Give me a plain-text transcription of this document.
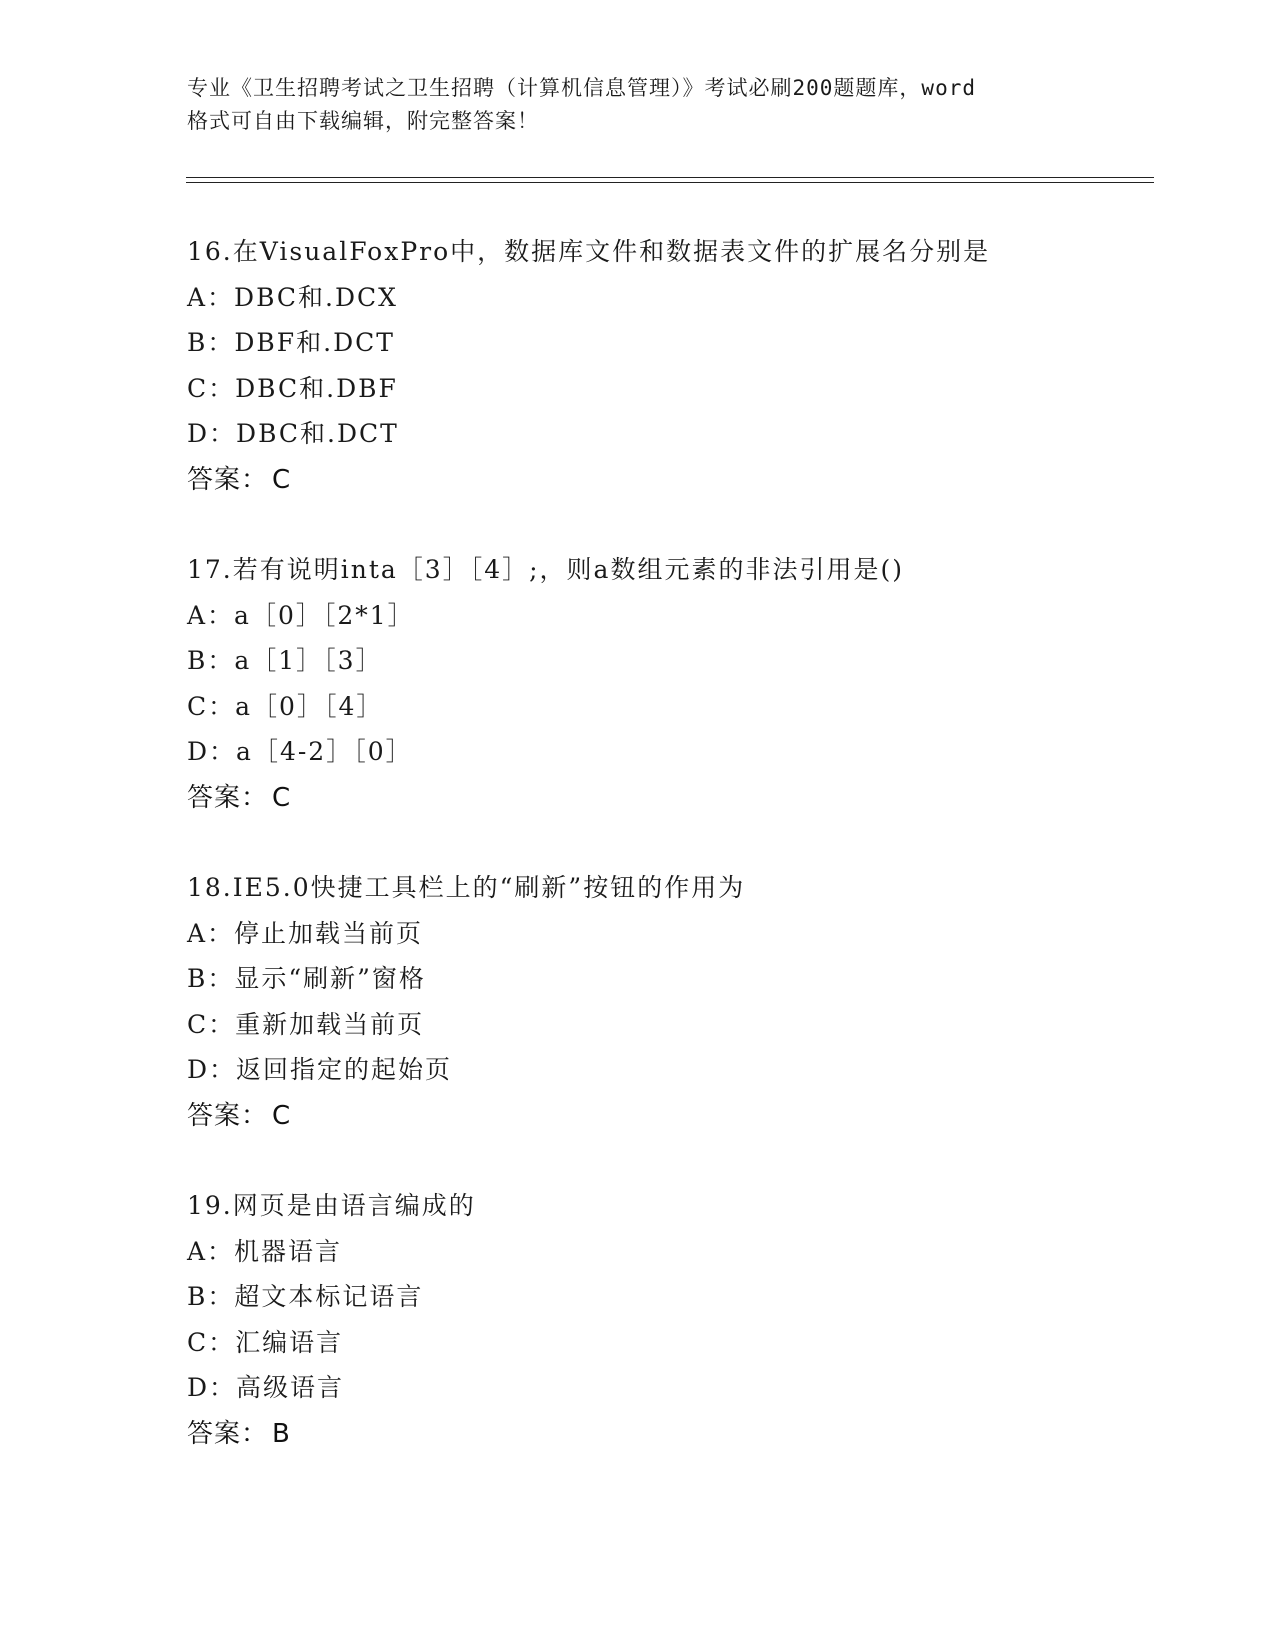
专业《卫生招聘考试之卫生招聘（计算机信息管理）》考试必刷200题题库，word
格式可自由下载编辑，附完整答案！
16.在VisualFoxPro中，数据库文件和数据表文件的扩展名分别是
A：DBC和.DCX
B：DBF和.DCT
C：DBC和.DBF
D：DBC和.DCT
答案： C
17.若有说明inta［3］［4］;，则a数组元素的非法引用是()
A：a［0］［2*1］
B：a［1］［3］
C：a［0］［4］
D：a［4-2］［0］
答案： C
18.IE5.0快捷工具栏上的“刷新”按钮的作用为
A：停止加载当前页
B：显示“刷新”窗格
C：重新加载当前页
D：返回指定的起始页
答案： C
19.网页是由语言编成的
A：机器语言
B：超文本标记语言
C：汇编语言
D：高级语言
答案： B
